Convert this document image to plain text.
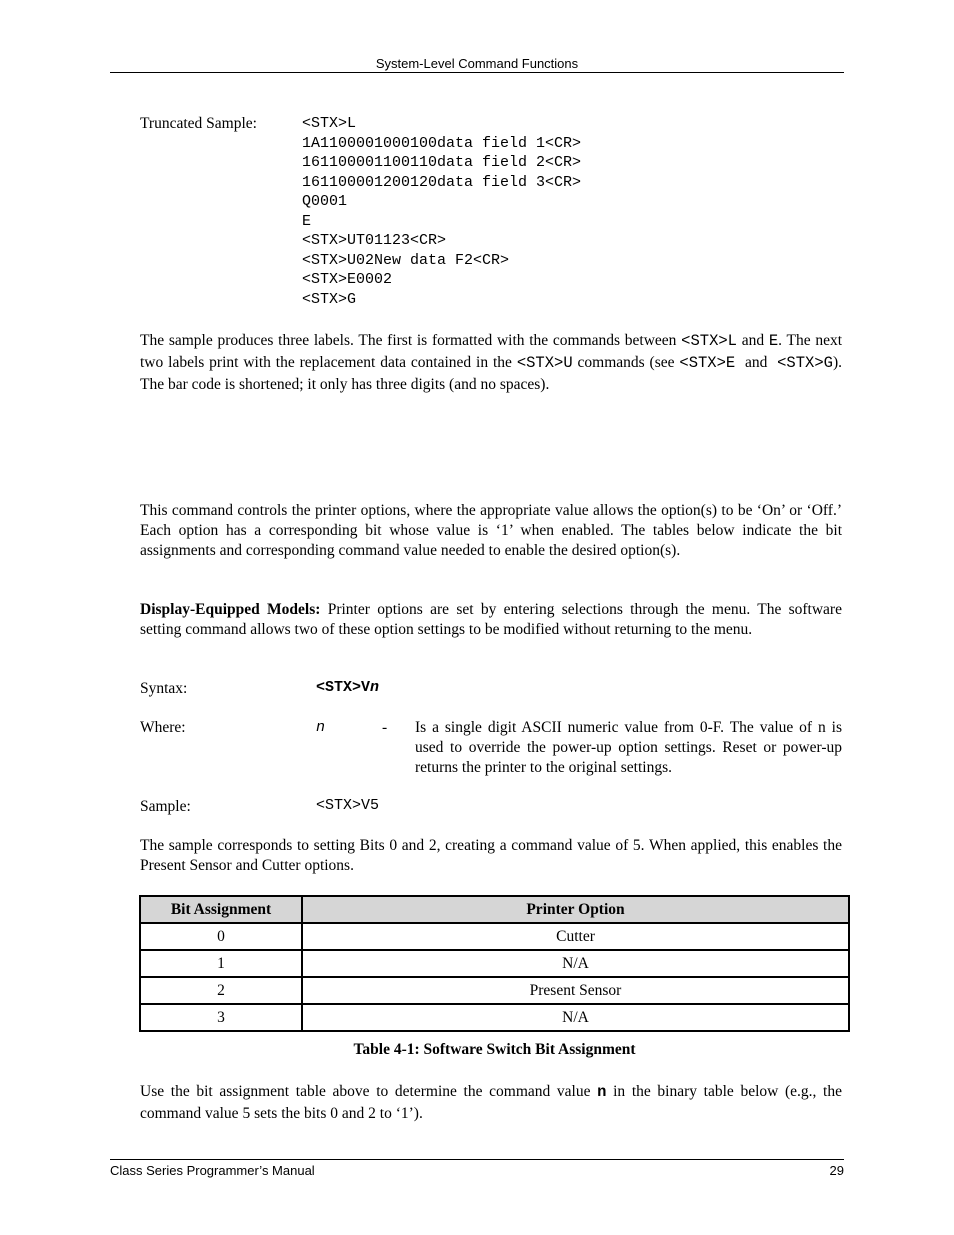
System-Level Command Functions
Truncated Sample:	<STX>L
1A1100001000100data field 1<CR>
161100001100110data field 2<CR>
161100001200120data field 3<CR>
Q0001
E
<STX>UT01123<CR>
<STX>U02New data F2<CR>
<STX>E0002
<STX>G
The sample produces three labels. The first is formatted with the commands between <STX>L and E. The next two labels print with the replacement data contained in the <STX>U commands (see <STX>E  and  <STX>G). The bar code is shortened; it only has three digits (and no spaces).
This command controls the printer options, where the appropriate value allows the option(s) to be ‘On’ or ‘Off.’ Each option has a corresponding bit whose value is ‘1’ when enabled. The tables below indicate the bit assignments and corresponding command value needed to enable the desired option(s).
Display-Equipped Models: Printer options are set by entering selections through the menu. The software setting command allows two of these option settings to be modified without returning to the menu.
Syntax:	<STX>Vn
Where:	n	- Is a single digit ASCII numeric value from 0-F. The value of n is used to override the power-up option settings. Reset or power-up returns the printer to the original settings.
Sample:	<STX>V5
The sample corresponds to setting Bits 0 and 2, creating a command value of 5. When applied, this enables the Present Sensor and Cutter options.
Bit Assignment	Printer Option
0	Cutter
1	N/A
2	Present Sensor
3	N/A
Table 4-1: Software Switch Bit Assignment
Use the bit assignment table above to determine the command value n in the binary table below (e.g., the command value 5 sets the bits 0 and 2 to ‘1’).
Class Series Programmer’s Manual	29
